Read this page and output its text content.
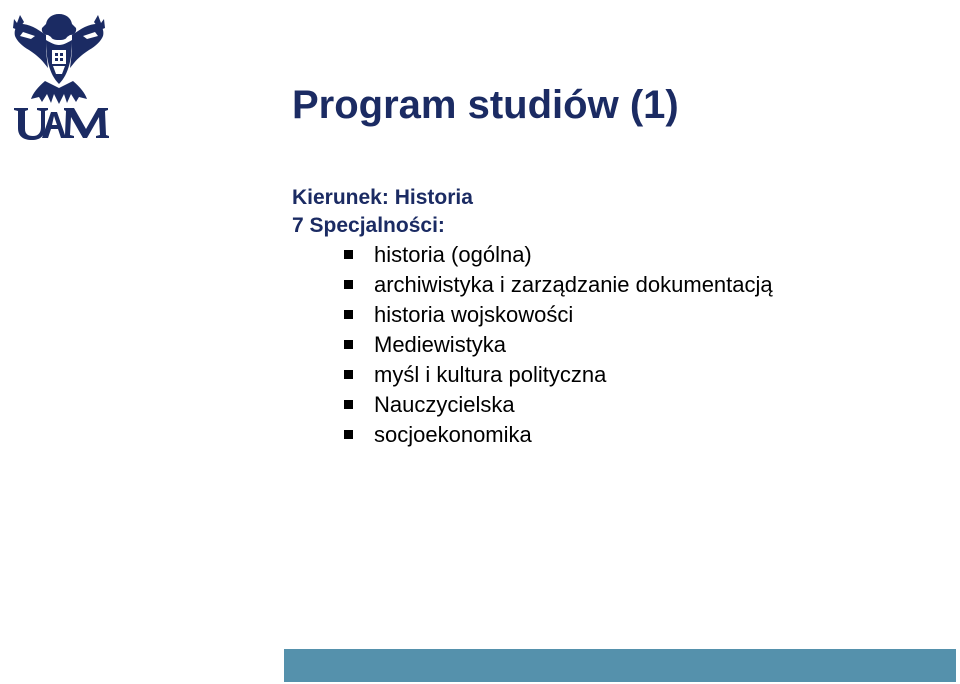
Program studiów (1)

Kierunek: Historia

7 Specjalności:

historia (ogólna)
archiwistyka i zarządzanie dokumentacją
historia wojskowości
Mediewistyka
myśl i kultura polityczna
Nauczycielska
socjoekonomika
